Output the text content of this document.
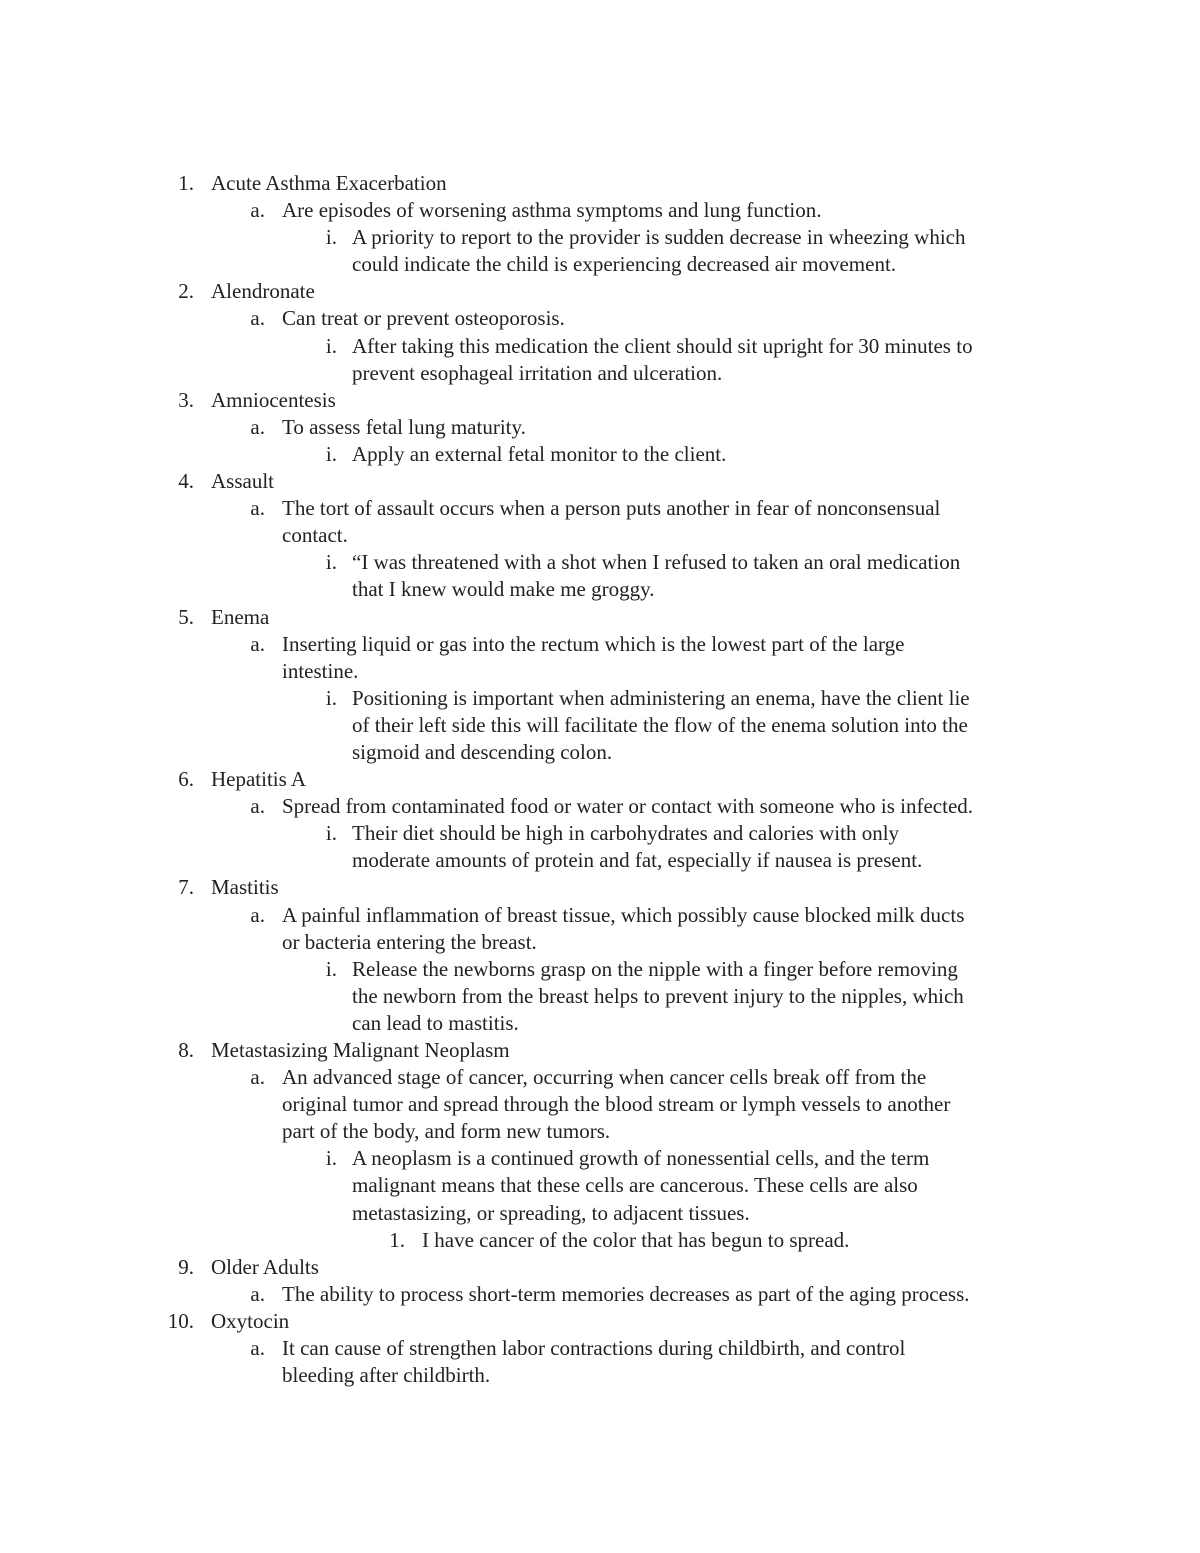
1. Acute Asthma Exacerbation
a. Are episodes of worsening asthma symptoms and lung function.
i. A priority to report to the provider is sudden decrease in wheezing which
could indicate the child is experiencing decreased air movement.
2. Alendronate
a. Can treat or prevent osteoporosis.
i. After taking this medication the client should sit upright for 30 minutes to
prevent esophageal irritation and ulceration.
3. Amniocentesis
a. To assess fetal lung maturity.
i. Apply an external fetal monitor to the client.
4. Assault
a. The tort of assault occurs when a person puts another in fear of nonconsensual
contact.
i. “I was threatened with a shot when I refused to taken an oral medication
that I knew would make me groggy.
5. Enema
a. Inserting liquid or gas into the rectum which is the lowest part of the large
intestine.
i. Positioning is important when administering an enema, have the client lie
of their left side this will facilitate the flow of the enema solution into the
sigmoid and descending colon.
6. Hepatitis A
a. Spread from contaminated food or water or contact with someone who is infected.
i. Their diet should be high in carbohydrates and calories with only
moderate amounts of protein and fat, especially if nausea is present.
7. Mastitis
a. A painful inflammation of breast tissue, which possibly cause blocked milk ducts
or bacteria entering the breast.
i. Release the newborns grasp on the nipple with a finger before removing
the newborn from the breast helps to prevent injury to the nipples, which
can lead to mastitis.
8. Metastasizing Malignant Neoplasm
a. An advanced stage of cancer, occurring when cancer cells break off from the
original tumor and spread through the blood stream or lymph vessels to another
part of the body, and form new tumors.
i. A neoplasm is a continued growth of nonessential cells, and the term
malignant means that these cells are cancerous. These cells are also
metastasizing, or spreading, to adjacent tissues.
1. I have cancer of the color that has begun to spread.
9. Older Adults
a. The ability to process short-term memories decreases as part of the aging process.
10. Oxytocin
a. It can cause of strengthen labor contractions during childbirth, and control
bleeding after childbirth.
